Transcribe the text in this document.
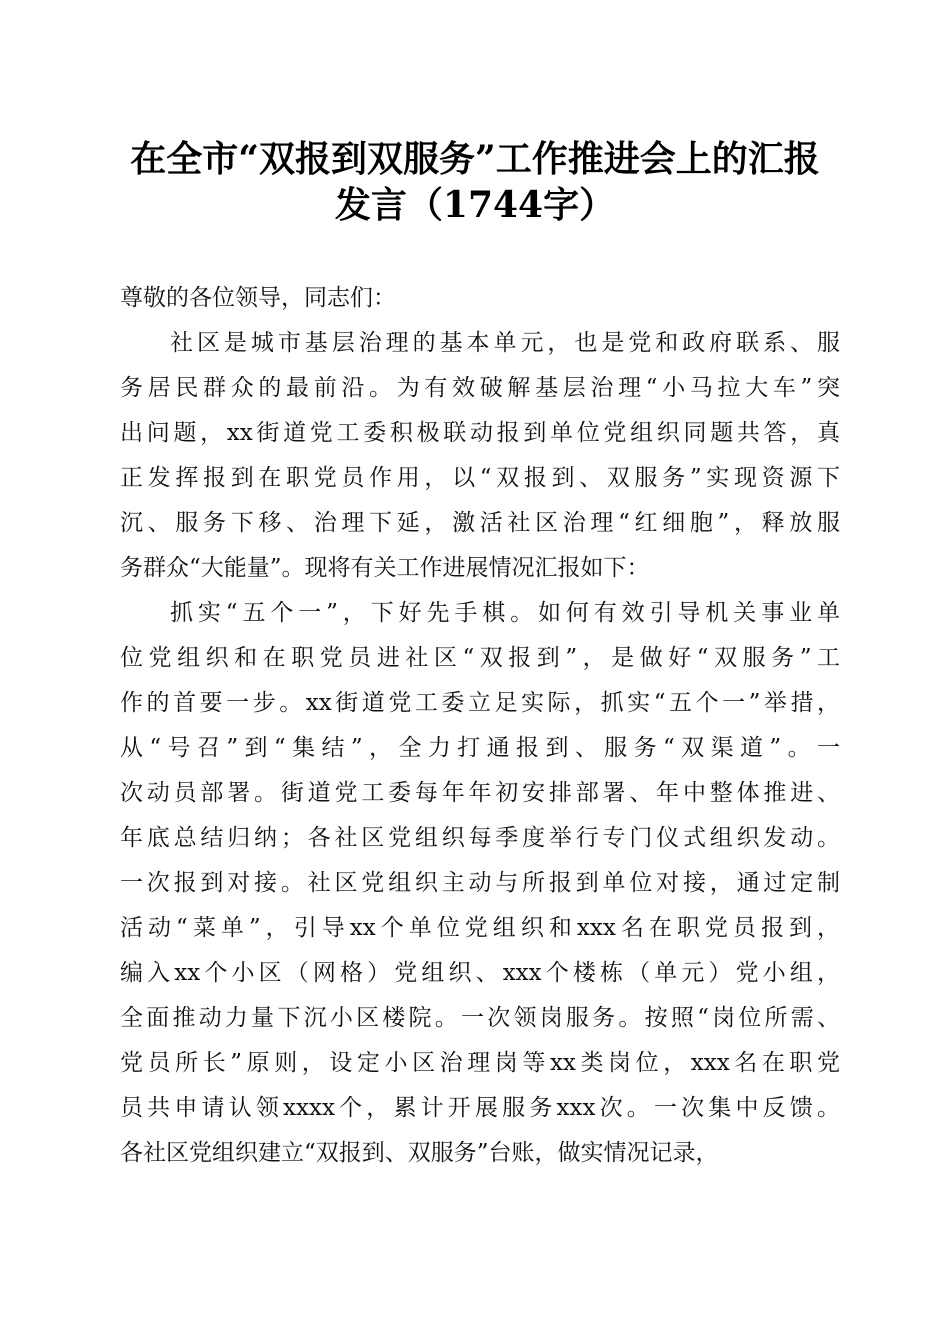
在全市“双报到双服务”工作推进会上的汇报
发言（1744字）
尊敬的各位领导，同志们：
社区是城市基层治理的基本单元，也是党和政府联系、服
务居民群众的最前沿。为有效破解基层治理“小马拉大车”突
出问题，xx街道党工委积极联动报到单位党组织同题共答，真
正发挥报到在职党员作用，以“双报到、双服务”实现资源下
沉、服务下移、治理下延，激活社区治理“红细胞”，释放服
务群众“大能量”。现将有关工作进展情况汇报如下：
抓实“五个一”，下好先手棋。如何有效引导机关事业单
位党组织和在职党员进社区“双报到”，是做好“双服务”工
作的首要一步。xx街道党工委立足实际，抓实“五个一”举措，
从“号召”到“集结”，全力打通报到、服务“双渠道”。一
次动员部署。街道党工委每年年初安排部署、年中整体推进、
年底总结归纳；各社区党组织每季度举行专门仪式组织发动。
一次报到对接。社区党组织主动与所报到单位对接，通过定制
活动“菜单”，引导xx个单位党组织和xxx名在职党员报到，
编入xx个小区（网格）党组织、xxx个楼栋（单元）党小组，
全面推动力量下沉小区楼院。一次领岗服务。按照“岗位所需、
党员所长”原则，设定小区治理岗等xx类岗位，xxx名在职党
员共申请认领xxxx个，累计开展服务xxx次。一次集中反馈。
各社区党组织建立“双报到、双服务”台账，做实情况记录，
